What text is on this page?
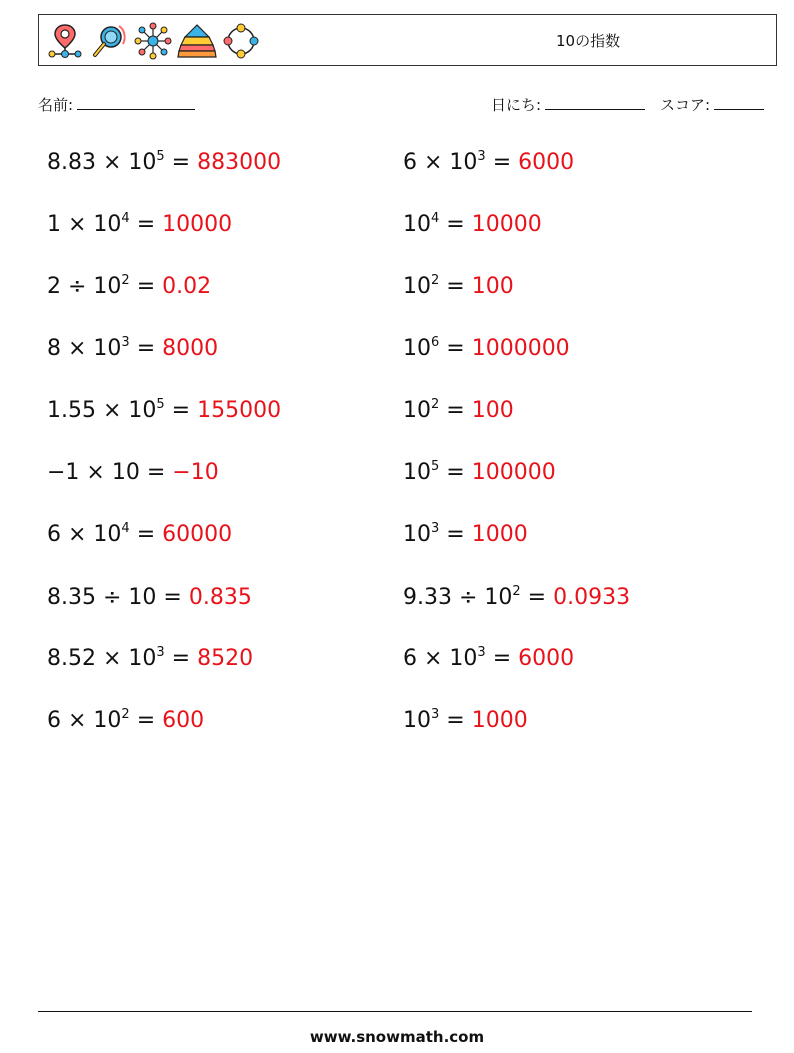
10の指数
名前:	日にち:	スコア:
$8.83 \times 10^5 = 883000$
$1 \times 10^4 = 10000$
$2 \div 10^2 = 0.02$
$8 \times 10^3 = 8000$
$1.55 \times 10^5 = 155000$
−1 × 10 = −10
$6 \times 10^4 = 60000$
8.35 ÷ 10 = 0.835
$8.52 \times 10^3 = 8520$
$6 \times 10^2 = 600$
$6 \times 10^3 = 6000$
$10^4 = 10000$
$10^2 = 100$
$10^6 = 1000000$
$10^2 = 100$
$10^5 = 100000$
$10^3 = 1000$
$9.33 \div 10^2 = 0.0933$
$6 \times 10^3 = 6000$
$10^3 = 1000$
www.snowmath.com
